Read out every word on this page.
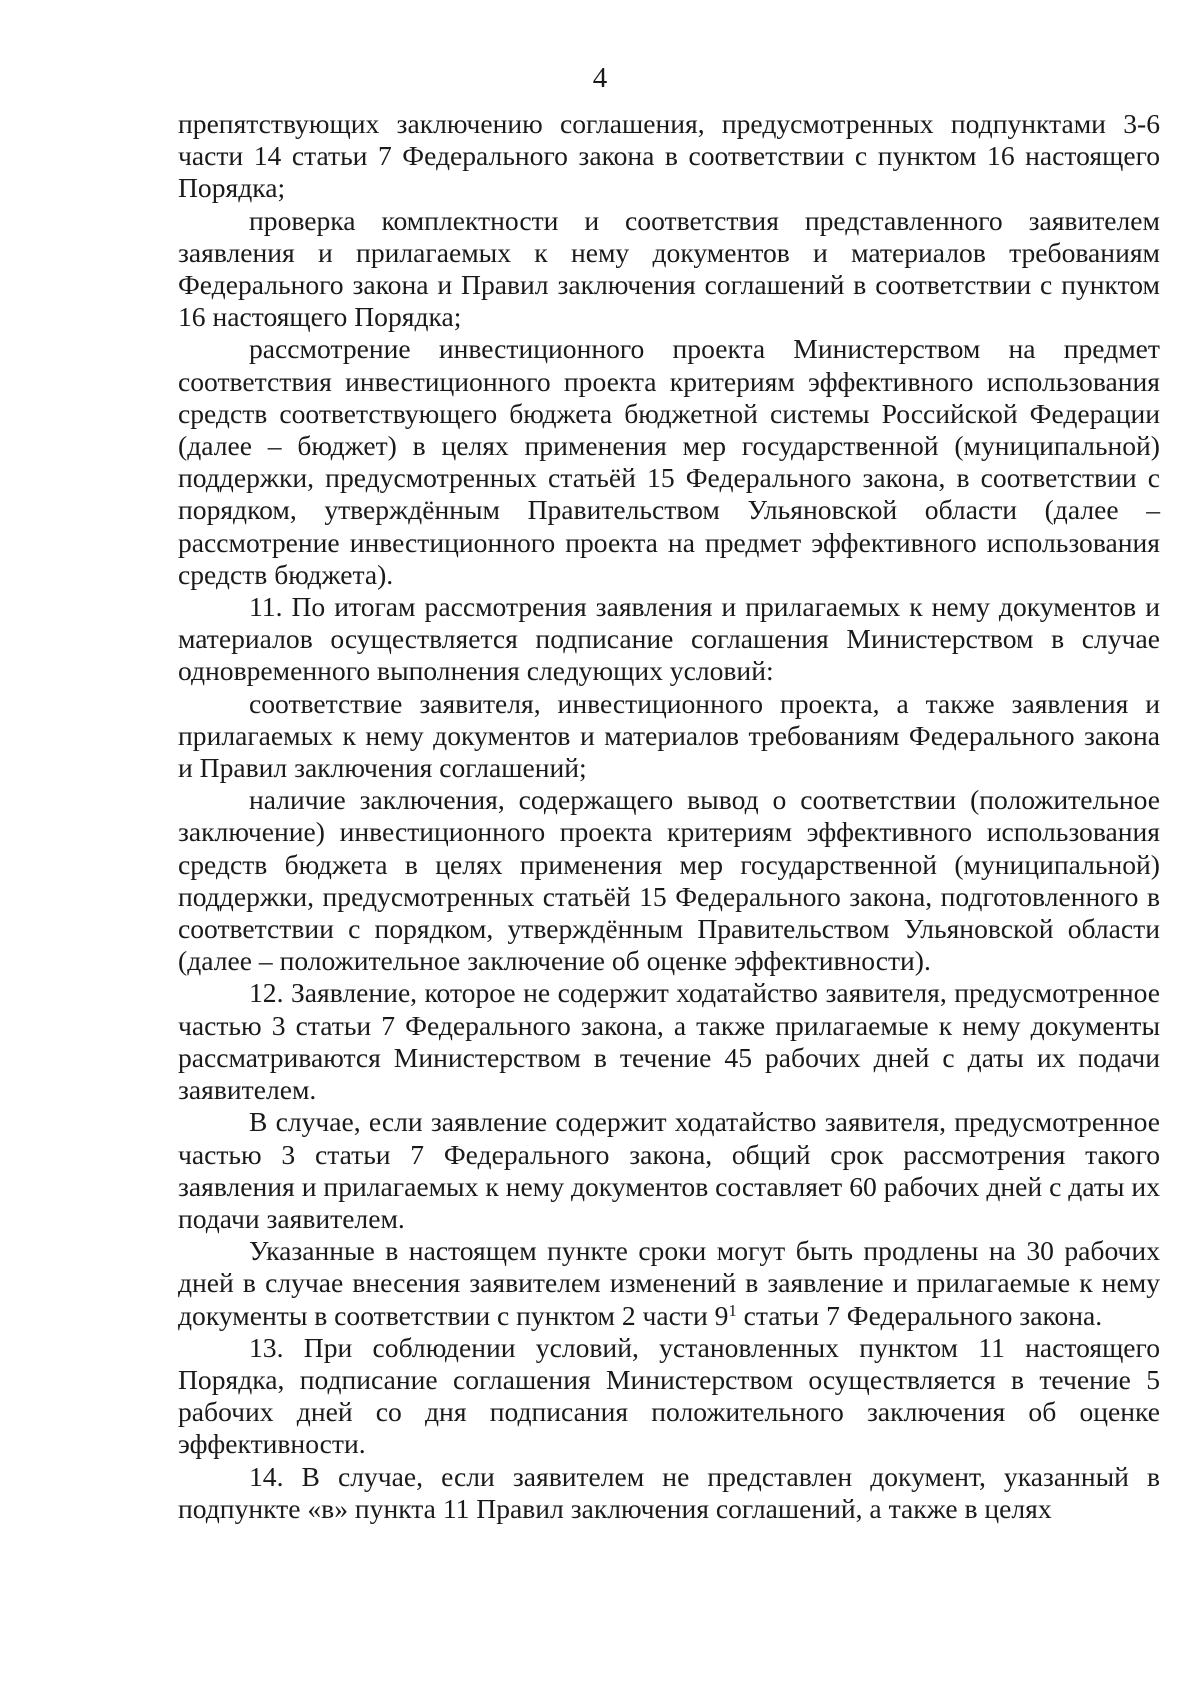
4

препятствующих заключению соглашения, предусмотренных подпунктами 3-6 части 14 статьи 7 Федерального закона в соответствии с пунктом 16 настоящего Порядка;

проверка комплектности и соответствия представленного заявителем заявления и прилагаемых к нему документов и материалов требованиям Федерального закона и Правил заключения соглашений в соответствии с пунктом 16 настоящего Порядка;

рассмотрение инвестиционного проекта Министерством на предмет соответствия инвестиционного проекта критериям эффективного использования средств соответствующего бюджета бюджетной системы Российской Федерации (далее – бюджет) в целях применения мер государственной (муниципальной) поддержки, предусмотренных статьёй 15 Федерального закона, в соответствии с порядком, утверждённым Правительством Ульяновской области (далее – рассмотрение инвестиционного проекта на предмет эффективного использования средств бюджета).

11. По итогам рассмотрения заявления и прилагаемых к нему документов и материалов осуществляется подписание соглашения Министерством в случае одновременного выполнения следующих условий:

соответствие заявителя, инвестиционного проекта, а также заявления и прилагаемых к нему документов и материалов требованиям Федерального закона и Правил заключения соглашений;

наличие заключения, содержащего вывод о соответствии (положительное заключение) инвестиционного проекта критериям эффективного использования средств бюджета в целях применения мер государственной (муниципальной) поддержки, предусмотренных статьёй 15 Федерального закона, подготовленного в соответствии с порядком, утверждённым Правительством Ульяновской области (далее – положительное заключение об оценке эффективности).

12. Заявление, которое не содержит ходатайство заявителя, предусмотренное частью 3 статьи 7 Федерального закона, а также прилагаемые к нему документы рассматриваются Министерством в течение 45 рабочих дней с даты их подачи заявителем.

В случае, если заявление содержит ходатайство заявителя, предусмотренное частью 3 статьи 7 Федерального закона, общий срок рассмотрения такого заявления и прилагаемых к нему документов составляет 60 рабочих дней с даты их подачи заявителем.

Указанные в настоящем пункте сроки могут быть продлены на 30 рабочих дней в случае внесения заявителем изменений в заявление и прилагаемые к нему документы в соответствии с пунктом 2 части $9^1$ статьи 7 Федерального закона.

13. При соблюдении условий, установленных пунктом 11 настоящего Порядка, подписание соглашения Министерством осуществляется в течение 5 рабочих дней со дня подписания положительного заключения об оценке эффективности.

14. В случае, если заявителем не представлен документ, указанный в подпункте «в» пункта 11 Правил заключения соглашений, а также в целях
